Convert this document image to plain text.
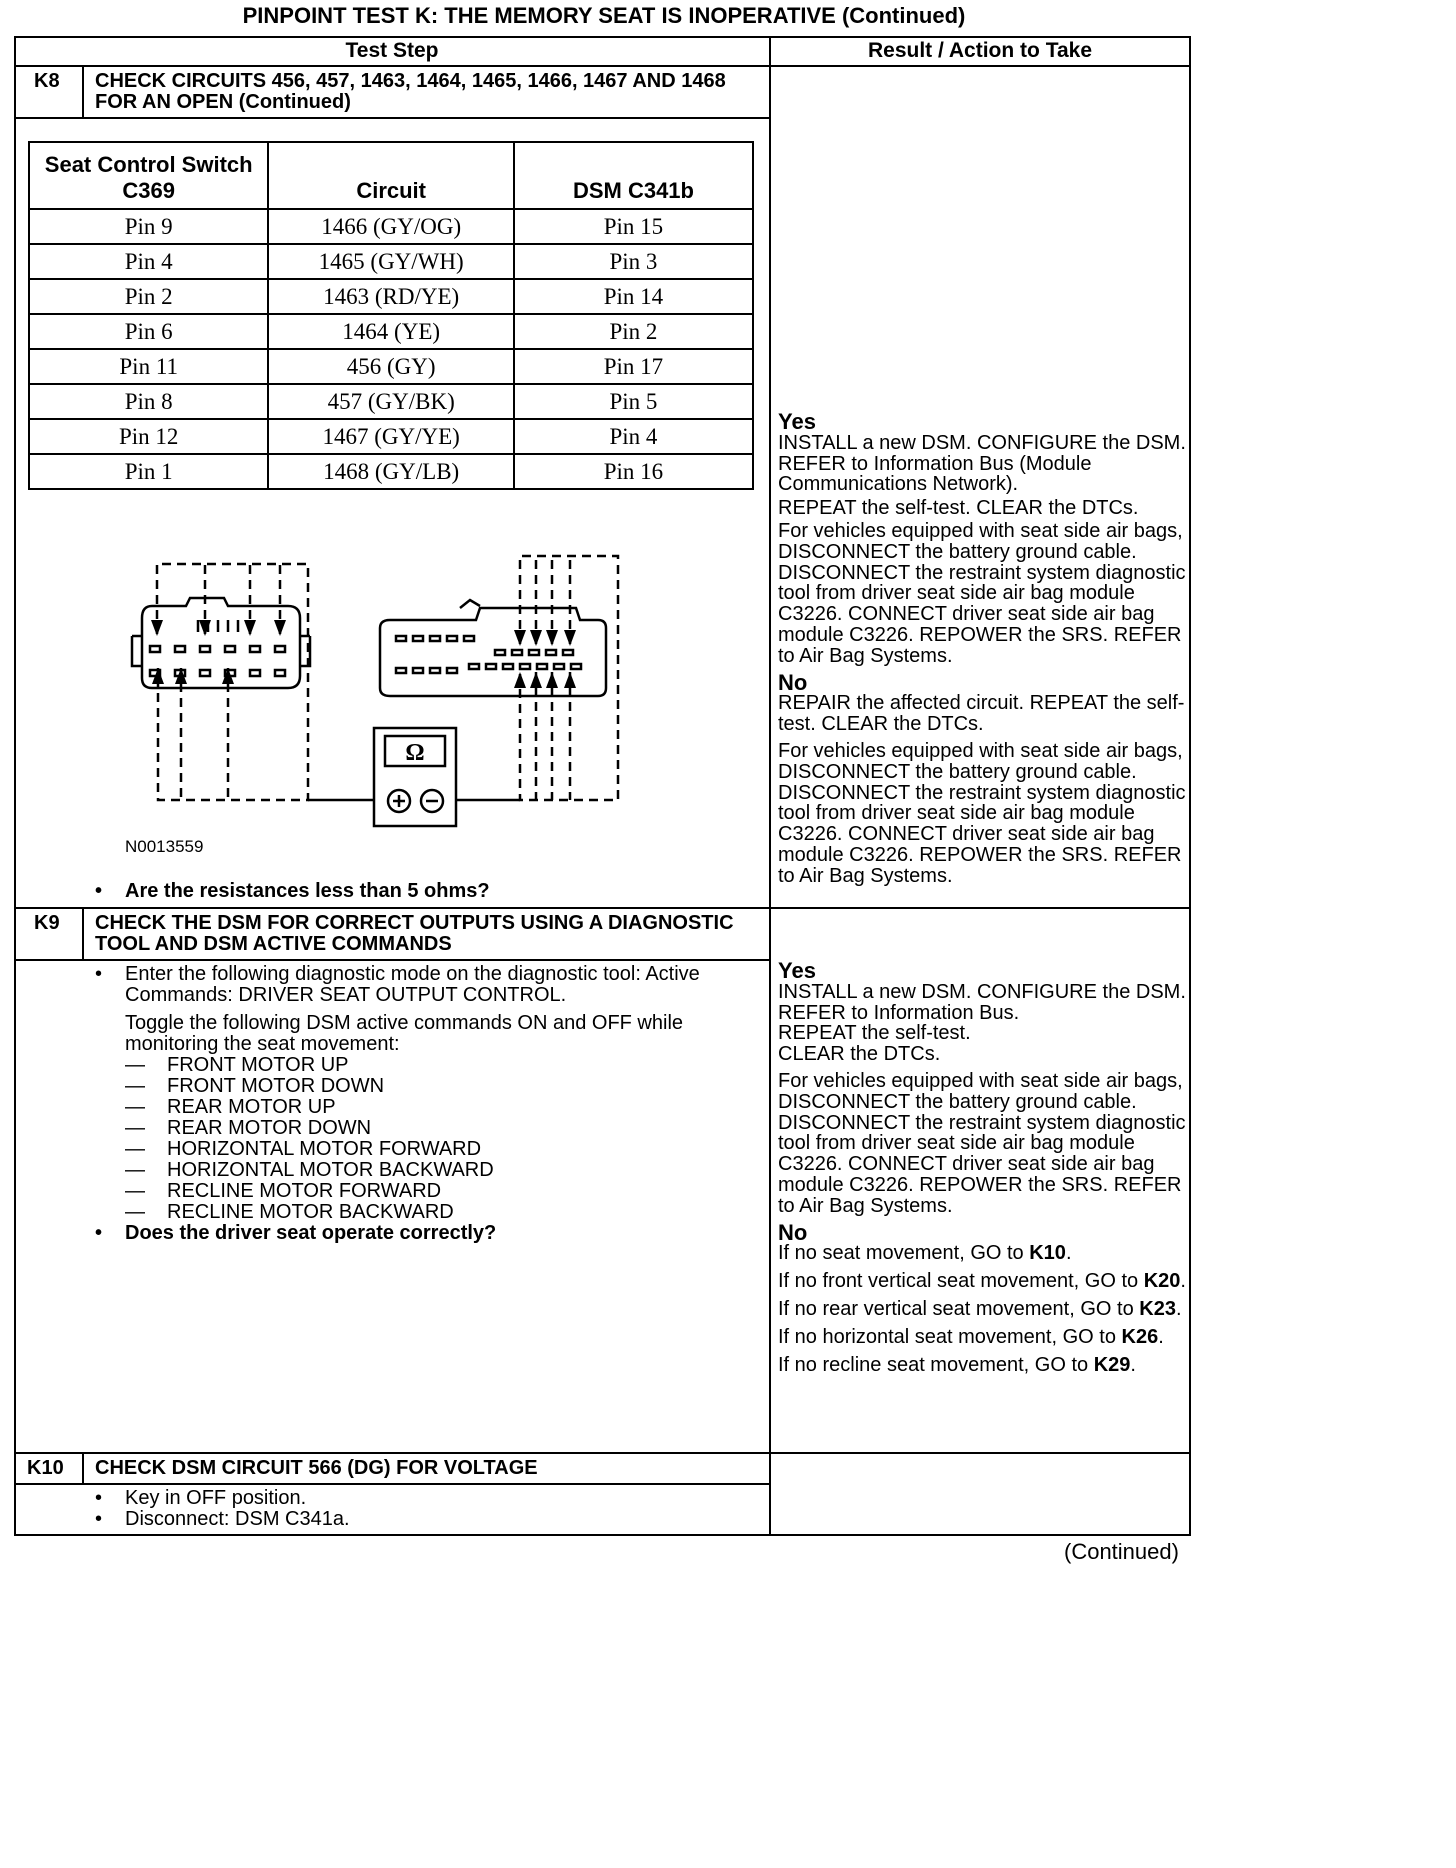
PINPOINT TEST K: THE MEMORY SEAT IS INOPERATIVE (Continued)
Test Step	Result / Action to Take
K8 CHECK CIRCUITS 456, 457, 1463, 1464, 1465, 1466, 1467 AND 1468 FOR AN OPEN (Continued)
Seat Control Switch C369	Circuit	DSM C341b
Pin 9	1466 (GY/OG)	Pin 15
Pin 4	1465 (GY/WH)	Pin 3
Pin 2	1463 (RD/YE)	Pin 14
Pin 6	1464 (YE)	Pin 2
Pin 11	456 (GY)	Pin 17
Pin 8	457 (GY/BK)	Pin 5
Pin 12	1467 (GY/YE)	Pin 4
Pin 1	1468 (GY/LB)	Pin 16
Ω
N0013559
• Are the resistances less than 5 ohms?
Yes

INSTALL a new DSM. CONFIGURE the DSM. REFER to Information Bus (Module Communications Network).

REPEAT the self-test. CLEAR the DTCs.

For vehicles equipped with seat side air bags, DISCONNECT the battery ground cable. DISCONNECT the restraint system diagnostic tool from driver seat side air bag module C3226. CONNECT driver seat side air bag module C3226. REPOWER the SRS. REFER to Air Bag Systems.

No

REPAIR the affected circuit. REPEAT the self-test. CLEAR the DTCs.

For vehicles equipped with seat side air bags, DISCONNECT the battery ground cable. DISCONNECT the restraint system diagnostic tool from driver seat side air bag module C3226. CONNECT driver seat side air bag module C3226. REPOWER the SRS. REFER to Air Bag Systems.

K9 CHECK THE DSM FOR CORRECT OUTPUTS USING A DIAGNOSTIC TOOL AND DSM ACTIVE COMMANDS
• Enter the following diagnostic mode on the diagnostic tool: Active Commands: DRIVER SEAT OUTPUT CONTROL.
Toggle the following DSM active commands ON and OFF while monitoring the seat movement:
— FRONT MOTOR UP
— FRONT MOTOR DOWN
— REAR MOTOR UP
— REAR MOTOR DOWN
— HORIZONTAL MOTOR FORWARD
— HORIZONTAL MOTOR BACKWARD
— RECLINE MOTOR FORWARD
— RECLINE MOTOR BACKWARD
• Does the driver seat operate correctly?
Yes
INSTALL a new DSM. CONFIGURE the DSM. REFER to Information Bus.
REPEAT the self-test.

CLEAR the DTCs.

For vehicles equipped with seat side air bags, DISCONNECT the battery ground cable. DISCONNECT the restraint system diagnostic tool from driver seat side air bag module C3226. CONNECT driver seat side air bag module C3226. REPOWER the SRS. REFER to Air Bag Systems.

No

If no seat movement, GO to K10.

If no front vertical seat movement, GO to K20.

If no rear vertical seat movement, GO to K23.

If no horizontal seat movement, GO to K26.

If no recline seat movement, GO to K29.

K10 CHECK DSM CIRCUIT 566 (DG) FOR VOLTAGE
• Key in OFF position.
• Disconnect: DSM C341a.
(Continued)
